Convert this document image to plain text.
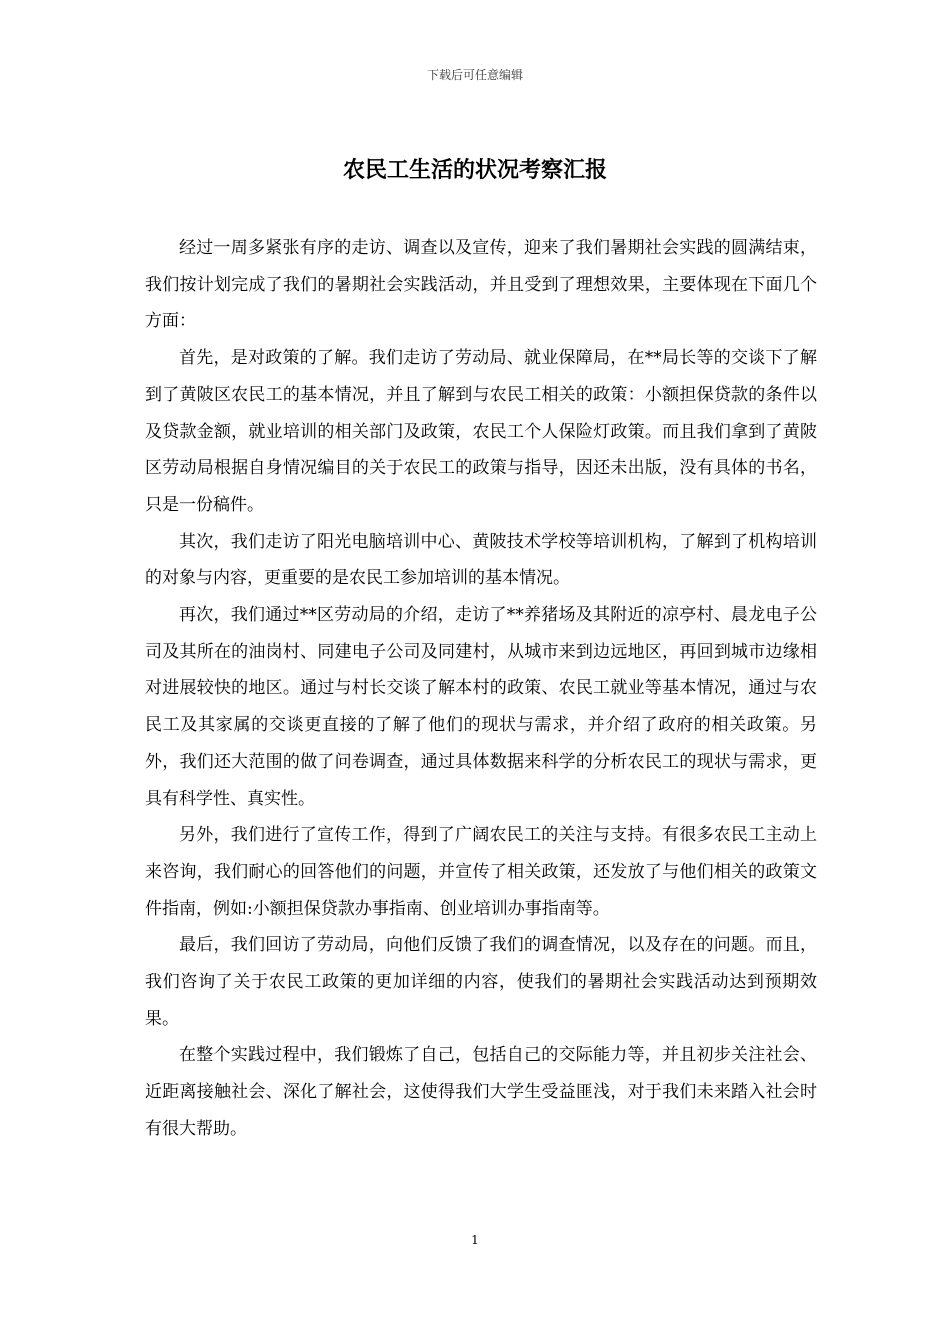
下载后可任意编辑
农民工生活的状况考察汇报

经过一周多紧张有序的走访、调查以及宣传，迎来了我们暑期社会实践的圆满结束，我们按计划完成了我们的暑期社会实践活动，并且受到了理想效果，主要体现在下面几个方面：

首先，是对政策的了解。我们走访了劳动局、就业保障局，在**局长等的交谈下了解到了黄陂区农民工的基本情况，并且了解到与农民工相关的政策：小额担保贷款的条件以及贷款金额，就业培训的相关部门及政策，农民工个人保险灯政策。而且我们拿到了黄陂区劳动局根据自身情况编目的关于农民工的政策与指导，因还未出版，没有具体的书名，只是一份稿件。

其次，我们走访了阳光电脑培训中心、黄陂技术学校等培训机构，了解到了机构培训的对象与内容，更重要的是农民工参加培训的基本情况。

再次，我们通过**区劳动局的介绍，走访了**养猪场及其附近的凉亭村、晨龙电子公司及其所在的油岗村、同建电子公司及同建村，从城市来到边远地区，再回到城市边缘相对进展较快的地区。通过与村长交谈了解本村的政策、农民工就业等基本情况，通过与农民工及其家属的交谈更直接的了解了他们的现状与需求，并介绍了政府的相关政策。另外，我们还大范围的做了问卷调查，通过具体数据来科学的分析农民工的现状与需求，更具有科学性、真实性。

另外，我们进行了宣传工作，得到了广阔农民工的关注与支持。有很多农民工主动上来咨询，我们耐心的回答他们的问题，并宣传了相关政策，还发放了与他们相关的政策文件指南，例如:小额担保贷款办事指南、创业培训办事指南等。

最后，我们回访了劳动局，向他们反馈了我们的调查情况，以及存在的问题。而且，我们咨询了关于农民工政策的更加详细的内容，使我们的暑期社会实践活动达到预期效果。

在整个实践过程中，我们锻炼了自己，包括自己的交际能力等，并且初步关注社会、近距离接触社会、深化了解社会，这使得我们大学生受益匪浅，对于我们未来踏入社会时有很大帮助。

1
